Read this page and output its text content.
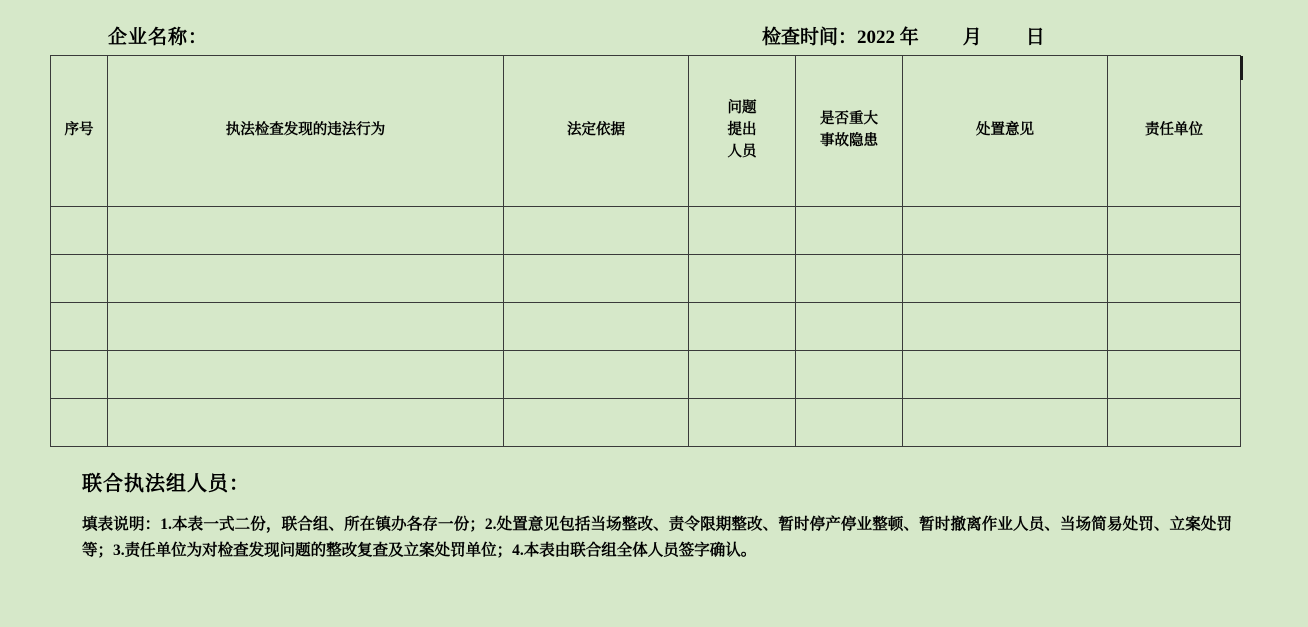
企业名称：	检查时间：2022 年 月 日
序号	执法检查发现的违法行为	法定依据	问题
提出
人员	是否重大
事故隐患	处置意见	责任单位

联合执法组人员：
填表说明：1.本表一式二份，联合组、所在镇办各存一份；2.处置意见包括当场整改、责令限期整改、暂时停产停业整顿、暂时撤离作业人员、当场简易处罚、立案处罚等；3.责任单位为对检查发现问题的整改复查及立案处罚单位；4.本表由联合组全体人员签字确认。
